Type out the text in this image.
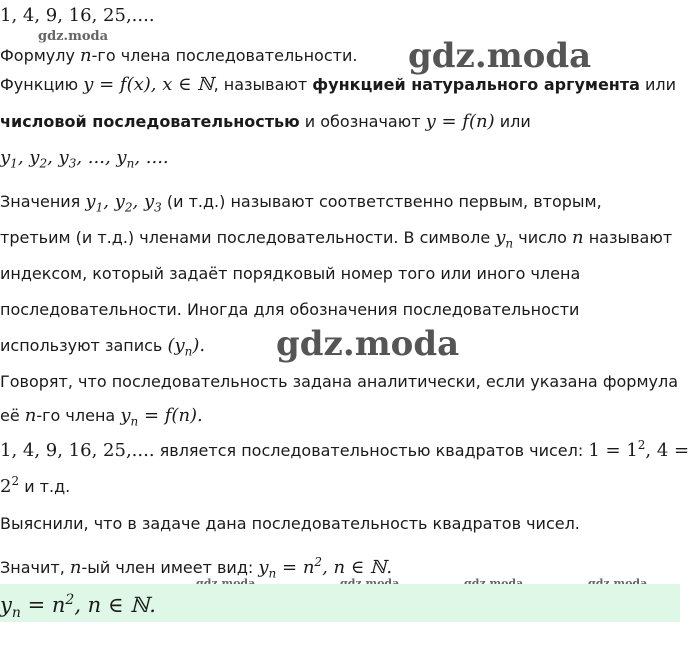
gdz.moda	gdz.moda
gdz.moda
1, 4, 9, 16, 25,....
Формулу n-го члена последовательности.
Функцию y = f(x), x ∈ ℕ, называют функцией натурального аргумента или
числовой последовательностью и обозначают y = f(n) или
$y_1$, $y_2$, $y_3$, ..., $y_n$, ....
Значения $y_1$, $y_2$, $y_3$ (и т.д.) называют соответственно первым, вторым,
третьим (и т.д.) членами последовательности. В символе $y_n$ число n называют
индексом, который задаёт порядковый номер того или иного члена
последовательности. Иногда для обозначения последовательности
используют запись $(y_n)$.
Говорят, что последовательность задана аналитически, если указана формула
её n-го члена $y_n = f(n)$.
1, 4, 9, 16, 25,.... является последовательностью квадратов чисел: $1 = 1^2$, 4 =
$2^2$ и т.д.
Выяснили, что в задаче дана последовательность квадратов чисел.
Значит, n-ый член имеет вид: $y_n = n^2$, n ∈ ℕ.
$y_n = n^2$, n ∈ ℕ.
